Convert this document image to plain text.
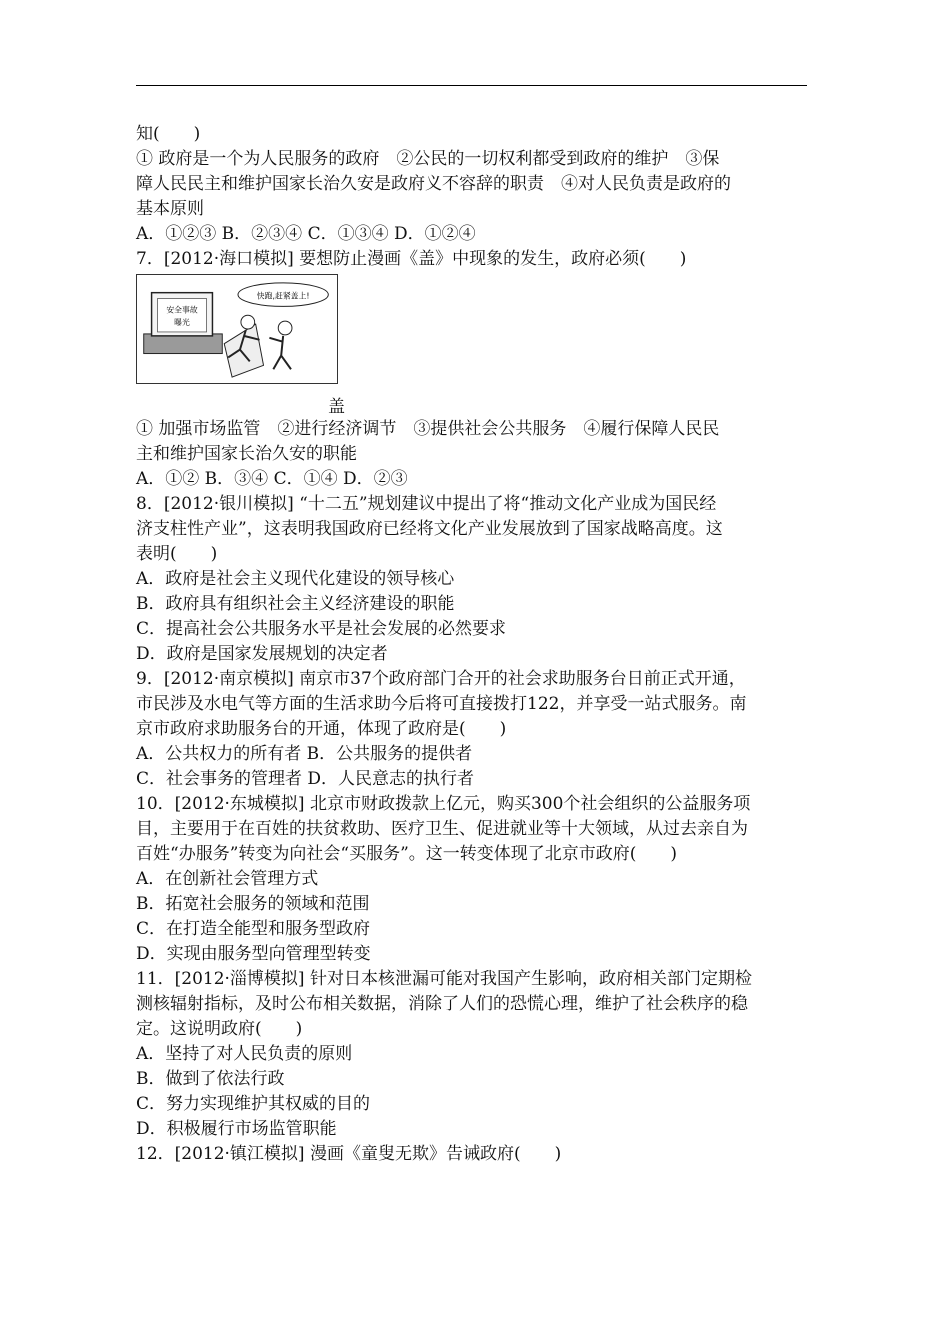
知(　　)
① 政府是一个为人民服务的政府　②公民的一切权利都受到政府的维护　③保
障人民民主和维护国家长治久安是政府义不容辞的职责　④对人民负责是政府的
基本原则
A．①②③ B．②③④ C．①③④ D．①②④
7．[2012·海口模拟] 要想防止漫画《盖》中现象的发生，政府必须(　　)
安全事故
曝光
快跑,赶紧盖上!
盖
① 加强市场监管　②进行经济调节　③提供社会公共服务　④履行保障人民民
主和维护国家长治久安的职能
A．①② B．③④ C．①④ D．②③
8．[2012·银川模拟] “十二五”规划建议中提出了将“推动文化产业成为国民经
济支柱性产业”，这表明我国政府已经将文化产业发展放到了国家战略高度。这
表明(　　)
A．政府是社会主义现代化建设的领导核心
B．政府具有组织社会主义经济建设的职能
C．提高社会公共服务水平是社会发展的必然要求
D．政府是国家发展规划的决定者
9．[2012·南京模拟] 南京市37个政府部门合开的社会求助服务台日前正式开通，
市民涉及水电气等方面的生活求助今后将可直接拨打122，并享受一站式服务。南
京市政府求助服务台的开通，体现了政府是(　　)
A．公共权力的所有者 B．公共服务的提供者
C．社会事务的管理者 D．人民意志的执行者
10．[2012·东城模拟] 北京市财政拨款上亿元，购买300个社会组织的公益服务项
目，主要用于在百姓的扶贫救助、医疗卫生、促进就业等十大领域，从过去亲自为
百姓“办服务”转变为向社会“买服务”。这一转变体现了北京市政府(　　)
A．在创新社会管理方式
B．拓宽社会服务的领域和范围
C．在打造全能型和服务型政府
D．实现由服务型向管理型转变
11．[2012·淄博模拟] 针对日本核泄漏可能对我国产生影响，政府相关部门定期检
测核辐射指标，及时公布相关数据，消除了人们的恐慌心理，维护了社会秩序的稳
定。这说明政府(　　)
A．坚持了对人民负责的原则
B．做到了依法行政
C．努力实现维护其权威的目的
D．积极履行市场监管职能
12．[2012·镇江模拟] 漫画《童叟无欺》告诫政府(　　)
